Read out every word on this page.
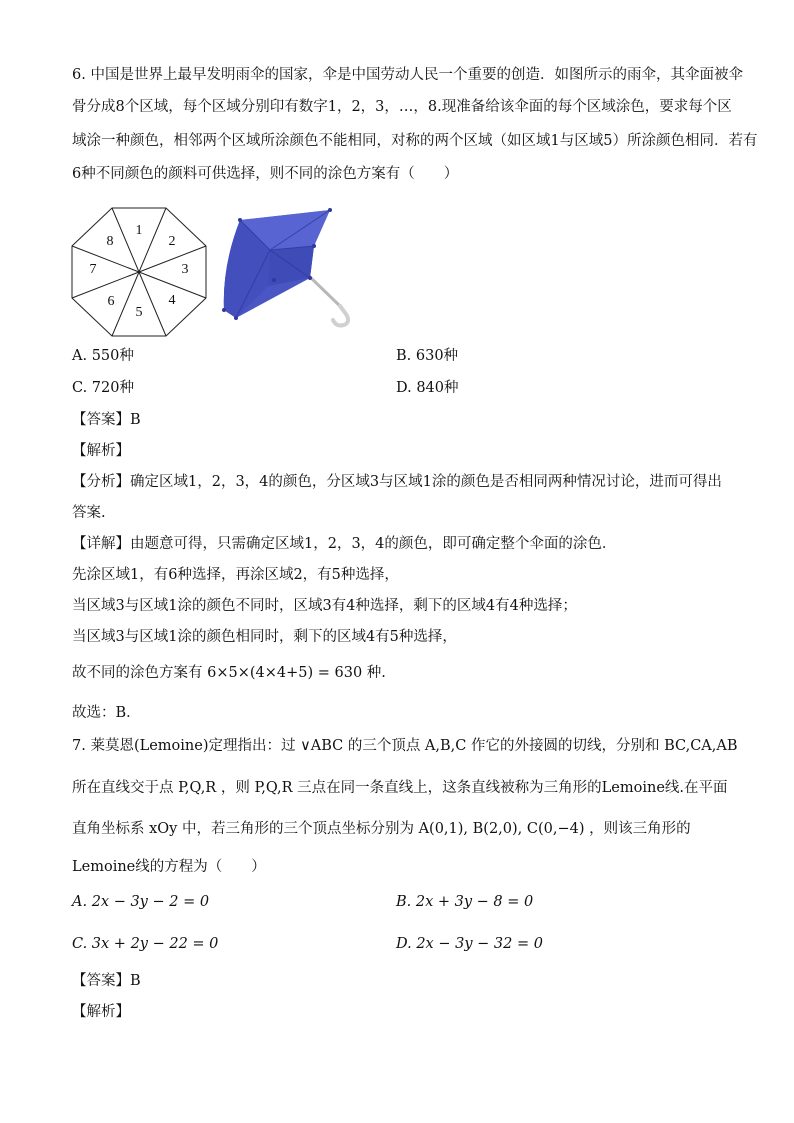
6. 中国是世界上最早发明雨伞的国家，伞是中国劳动人民一个重要的创造．如图所示的雨伞，其伞面被伞
骨分成8个区域，每个区域分别印有数字1，2，3，…，8.现准备给该伞面的每个区域涂色，要求每个区
域涂一种颜色，相邻两个区域所涂颜色不能相同，对称的两个区域（如区域1与区域5）所涂颜色相同．若有
6种不同颜色的颜料可供选择，则不同的涂色方案有（　　）
1
2
3
4
5
6
7
8
A. 550种	B. 630种
C. 720种	D. 840种
【答案】B
【解析】
【分析】确定区域1，2，3，4的颜色，分区域3与区域1涂的颜色是否相同两种情况讨论，进而可得出
答案.
【详解】由题意可得，只需确定区域1，2，3，4的颜色，即可确定整个伞面的涂色．
先涂区域1，有6种选择，再涂区域2，有5种选择，
当区域3与区域1涂的颜色不同时，区域3有4种选择，剩下的区域4有4种选择；
当区域3与区域1涂的颜色相同时，剩下的区域4有5种选择，
故不同的涂色方案有 6×5×(4×4+5) = 630 种.
故选：B．
7. 莱莫恩(Lemoine)定理指出：过 ∨ABC 的三个顶点 A,B,C 作它的外接圆的切线，分别和 BC,CA,AB
所在直线交于点 P,Q,R ，则 P,Q,R 三点在同一条直线上，这条直线被称为三角形的Lemoine线.在平面
直角坐标系 xOy 中，若三角形的三个顶点坐标分别为 A(0,1), B(2,0), C(0,−4) ，则该三角形的
Lemoine线的方程为（　　）
A. 2x − 3y − 2 = 0	B. 2x + 3y − 8 = 0
C. 3x + 2y − 22 = 0	D. 2x − 3y − 32 = 0
【答案】B
【解析】
